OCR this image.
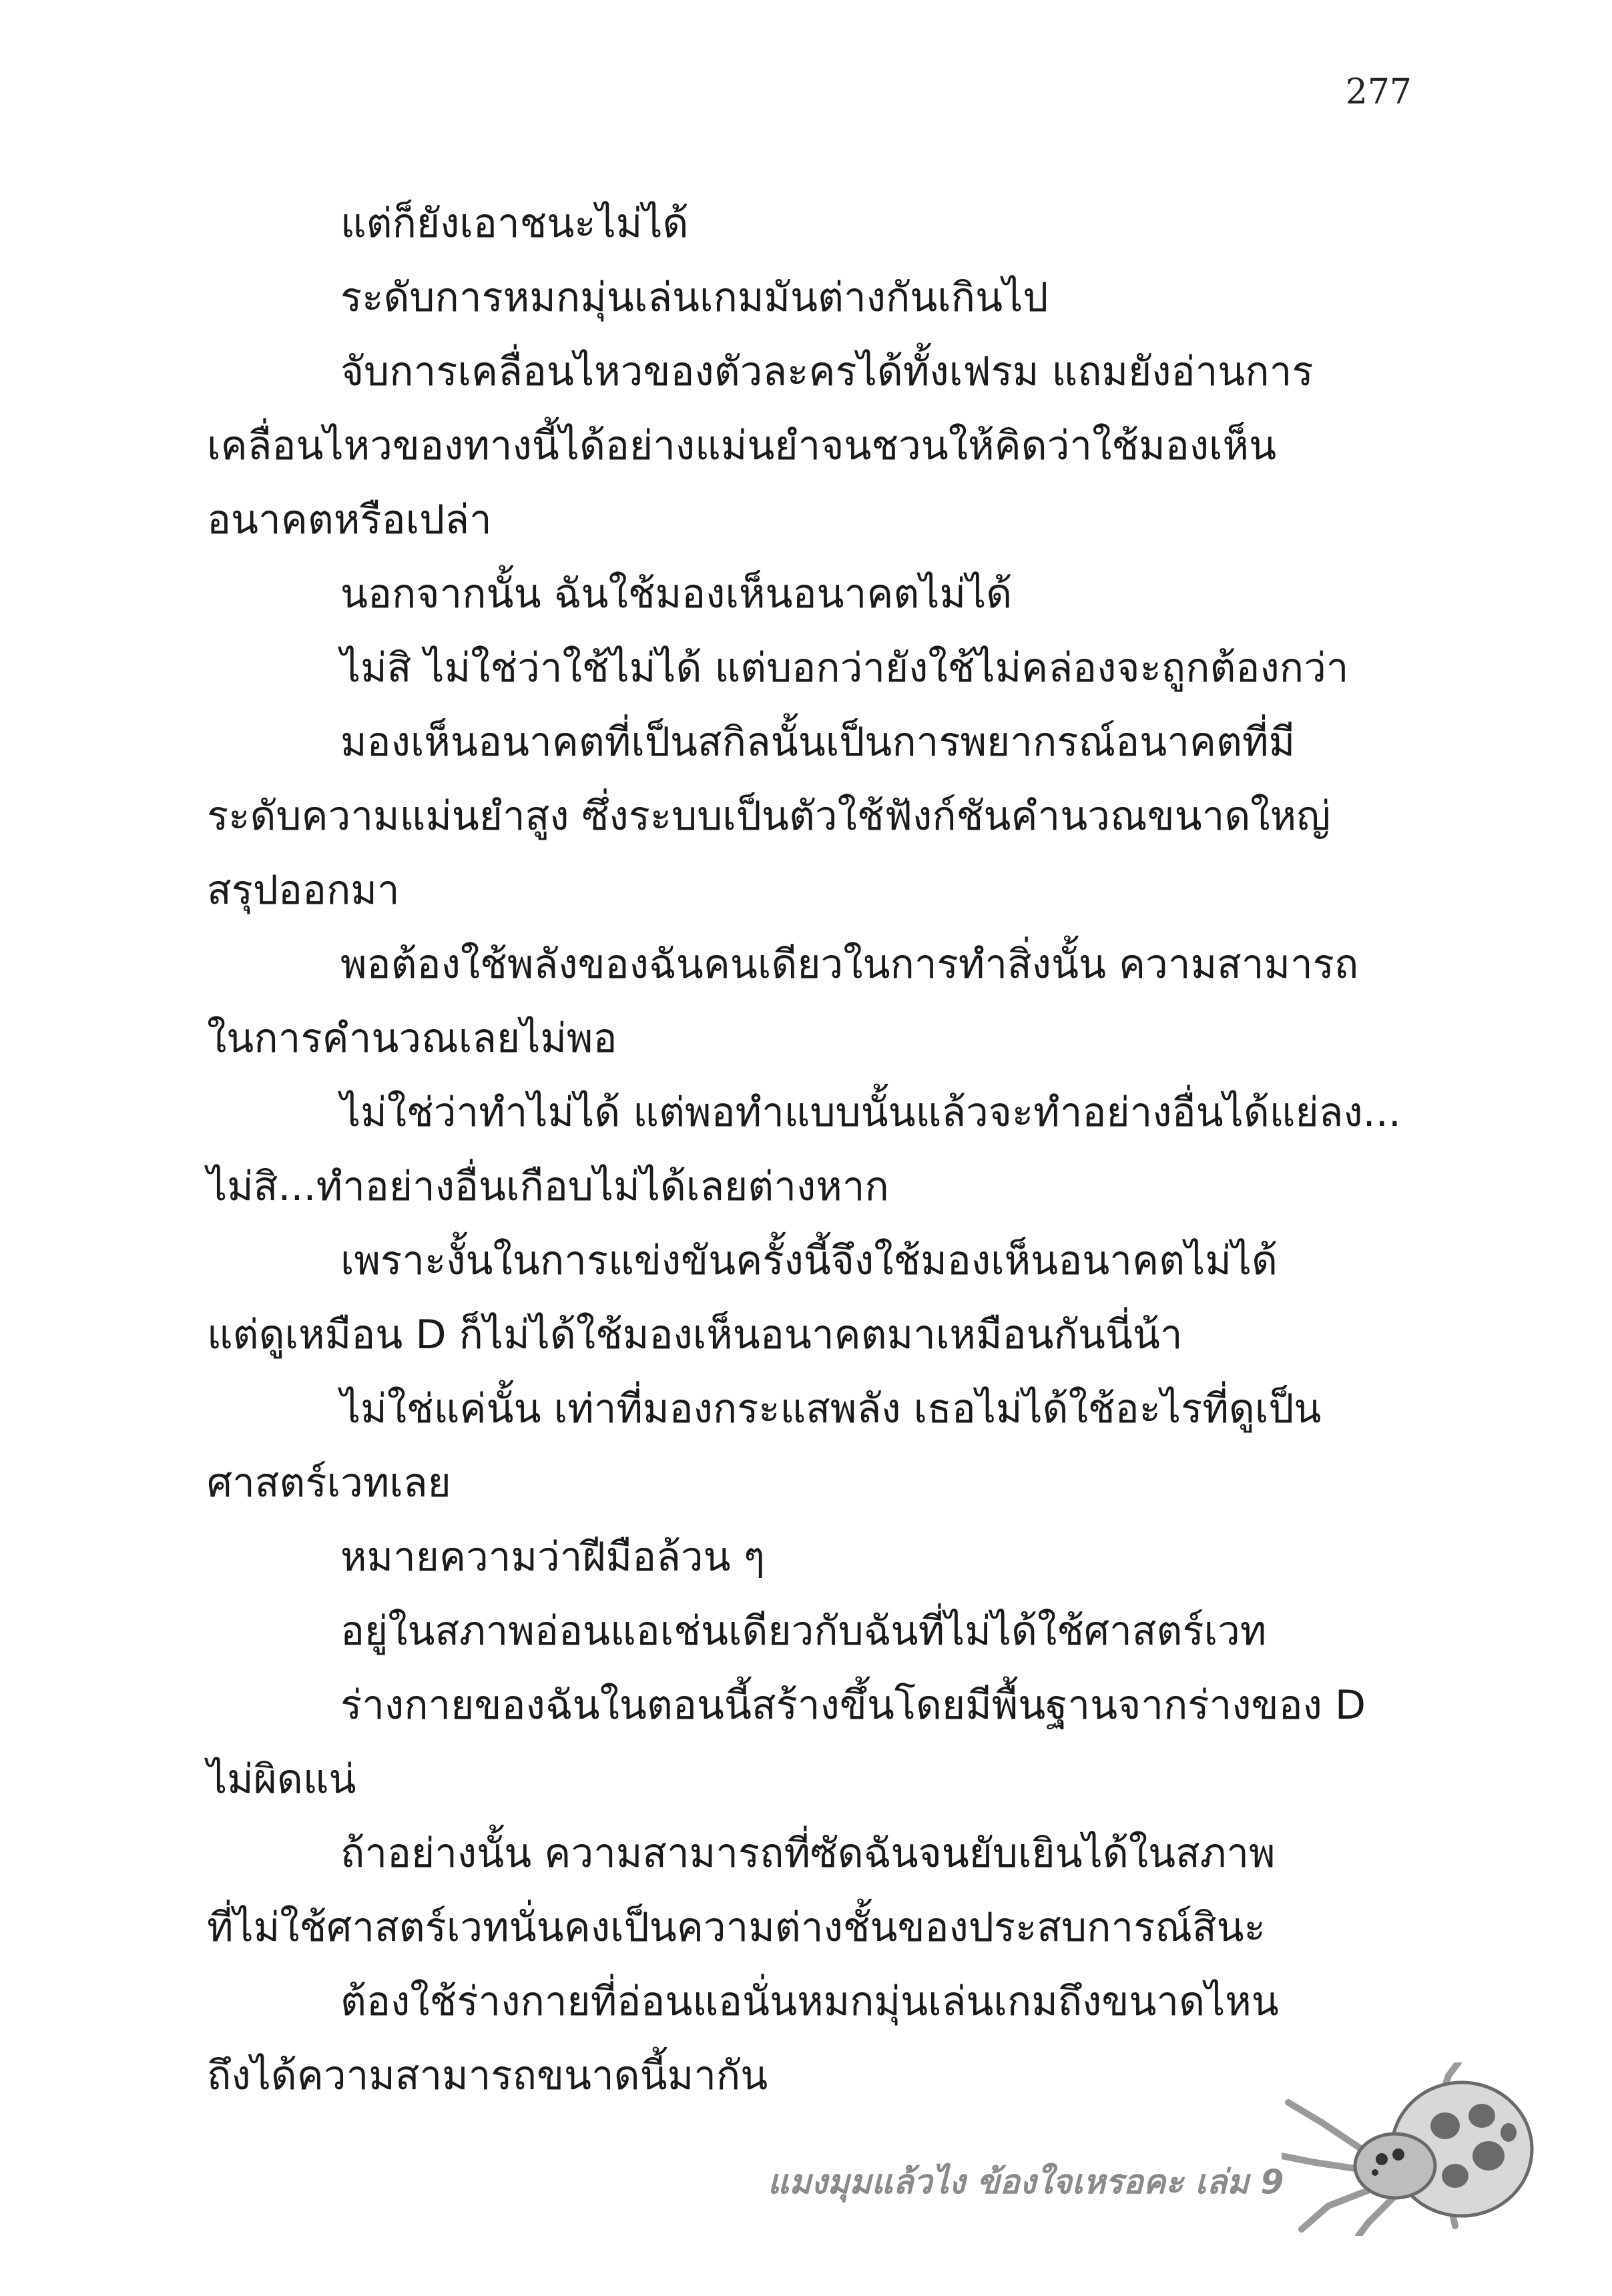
277
แต่ก็ยังเอาชนะไม่ได้
ระดับการหมกมุ่นเล่นเกมมันต่างกันเกินไป
จับการเคลื่อนไหวของตัวละครได้ทั้งเฟรม แถมยังอ่านการ
เคลื่อนไหวของทางนี้ได้อย่างแม่นยำจนชวนให้คิดว่าใช้มองเห็น
อนาคตหรือเปล่า
นอกจากนั้น ฉันใช้มองเห็นอนาคตไม่ได้
ไม่สิ ไม่ใช่ว่าใช้ไม่ได้ แต่บอกว่ายังใช้ไม่คล่องจะถูกต้องกว่า
มองเห็นอนาคตที่เป็นสกิลนั้นเป็นการพยากรณ์อนาคตที่มี
ระดับความแม่นยำสูง ซึ่งระบบเป็นตัวใช้ฟังก์ชันคำนวณขนาดใหญ่
สรุปออกมา
พอต้องใช้พลังของฉันคนเดียวในการทำสิ่งนั้น ความสามารถ
ในการคำนวณเลยไม่พอ
ไม่ใช่ว่าทำไม่ได้ แต่พอทำแบบนั้นแล้วจะทำอย่างอื่นได้แย่ลง...
ไม่สิ...ทำอย่างอื่นเกือบไม่ได้เลยต่างหาก
เพราะงั้นในการแข่งขันครั้งนี้จึงใช้มองเห็นอนาคตไม่ได้
แต่ดูเหมือน D ก็ไม่ได้ใช้มองเห็นอนาคตมาเหมือนกันนี่น้า
ไม่ใช่แค่นั้น เท่าที่มองกระแสพลัง เธอไม่ได้ใช้อะไรที่ดูเป็น
ศาสตร์เวทเลย
หมายความว่าฝีมือล้วน ๆ
อยู่ในสภาพอ่อนแอเช่นเดียวกับฉันที่ไม่ได้ใช้ศาสตร์เวท
ร่างกายของฉันในตอนนี้สร้างขึ้นโดยมีพื้นฐานจากร่างของ D
ไม่ผิดแน่
ถ้าอย่างนั้น ความสามารถที่ซัดฉันจนยับเยินได้ในสภาพ
ที่ไม่ใช้ศาสตร์เวทนั่นคงเป็นความต่างชั้นของประสบการณ์สินะ
ต้องใช้ร่างกายที่อ่อนแอนั่นหมกมุ่นเล่นเกมถึงขนาดไหน
ถึงได้ความสามารถขนาดนี้มากัน
แมงมุมแล้วไง ข้องใจเหรอคะ เล่ม 9
